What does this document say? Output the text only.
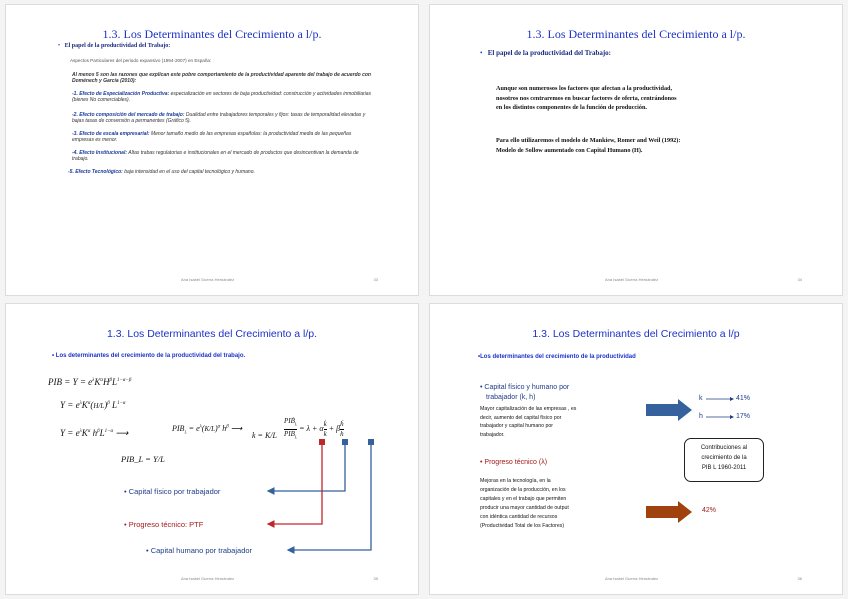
1.3. Los Determinantes del Crecimiento a l/p.
• El papel de la productividad del Trabajo:
Aspectos Particulares del periodo expansivo (1994-2007) en España:
Al menos 5 son las razones que explican este pobre comportamiento de la productividad aparente del trabajo de acuerdo con Doménech y García (2010):
-1. Efecto de Especialización Productiva: especialización en sectores de baja productividad: construcción y actividades inmobiliarias (bienes No comerciables).
-2. Efecto composición del mercado de trabajo: Dualidad entre trabajadores temporales y fijos: tasas de temporalidad elevadas y bajas tasas de conversión a permanentes (Gráfico 5).
-3. Efecto de escala empresarial: Menor tamaño medio de las empresas españolas: la productividad media de las pequeñas empresas es menor.
-4. Efecto Institucional: Altas trabas regulatorias e institucionales en el mercado de productos que desincentivan la demanda de trabajo.
-5. Efecto Tecnológico: baja intensidad en el uso del capital tecnológico y humano.
Ana Isabel Guerra Hernández	33
1.3. Los Determinantes del Crecimiento a l/p.
• El papel de la productividad del Trabajo:
Aunque son numerosos los factores que afectan a la productividad,
nosotros nos centraremos en buscar factores de oferta, centrándonos
en los distintos componentes de la función de producción.
Para ello utilizaremos el modelo de Mankiew, Romer and Weil (1992):
Modelo de Sollow aumentado con Capital Humano (H).
Ana Isabel Guerra Hernández	34
1.3. Los Determinantes del Crecimiento a l/p.
• Los determinantes del crecimiento de la productividad del trabajo.
PIB = $Y = e^\lambda K^\alpha H^\beta L^{1-\alpha-\beta}$
$Y = e^\lambda K^\alpha(H/L)^\beta$ $L^{1-\alpha}$
$Y = e^\lambda K^\alpha$ $h^\beta L^{1-\alpha}$ ⟶	$PIB_L = e^\lambda(K/L)^\alpha$ $h^\beta$ ⟶
k = K/L
PIḂ$_L$
$PIB_L = \lambda$ + αk̇
k + βḣ
h
PIB_L = Y/L
• Capital físico por trabajador
• Progreso técnico: PTF
• Capital humano por trabajador
Ana Isabel Guerra Hernández	35
1.3. Los Determinantes del Crecimiento a l/p
•Los determinantes del crecimiento de la productividad
• Capital físico y humano por
trabajador (k, h)
Mayor capitalización de las empresas , es
decir, aumento del capital físico por
trabajador y capital humano por
trabajador.
• Progreso técnico (λ)
Mejoras en la tecnología, en la
organización de la producción, en los
capitales y en el trabajo que permiten
producir una mayor cantidad de output
con idéntica cantidad de recursos
(Productividad Total de los Factores)
k	41%
h	17%
Contribuciones al
crecimiento de la
PIB L 1960-2011
42%
Ana Isabel Guerra Hernández	36
